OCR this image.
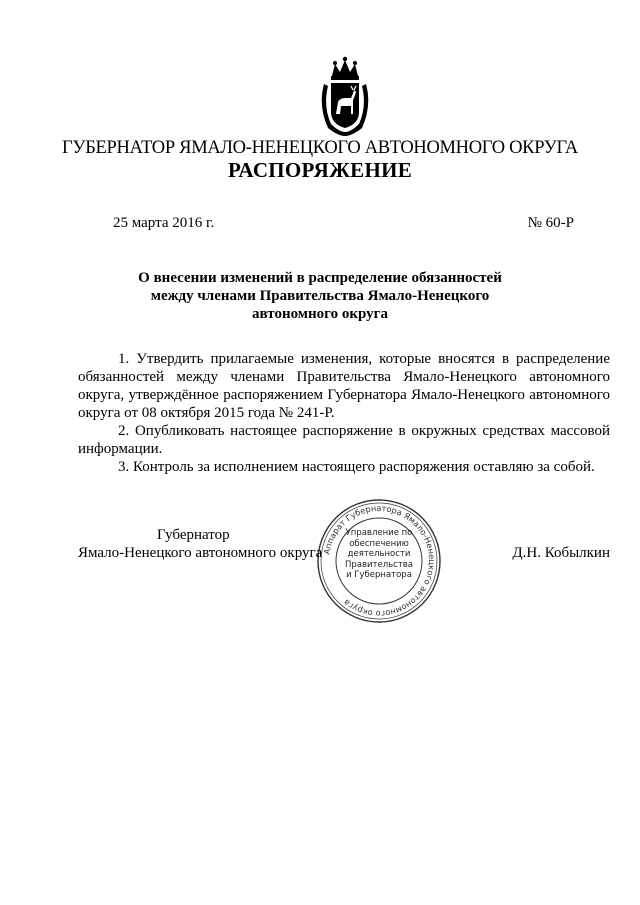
ГУБЕРНАТОР ЯМАЛО-НЕНЕЦКОГО АВТОНОМНОГО ОКРУГА
РАСПОРЯЖЕНИЕ
25 марта 2016 г.	№ 60-Р
О внесении изменений в распределение обязанностей
между членами Правительства Ямало-Ненецкого
автономного округа

1. Утвердить прилагаемые изменения, которые вносятся в распределение обязанностей между членами Правительства Ямало-Ненецкого автономного округа, утверждённое распоряжением Губернатора Ямало-Ненецкого автономного округа от 08 октября 2015 года № 241-Р.

2. Опубликовать настоящее распоряжение в окружных средствах массовой информации.

3. Контроль за исполнением настоящего распоряжения оставляю за собой.

Аппарат Губернатора Ямало-Ненецкого автономного округа
Управление по
обеспечению
деятельности
Правительства
и Губернатора
Губернатор
Ямало-Ненецкого автономного округа	Д.Н. Кобылкин
